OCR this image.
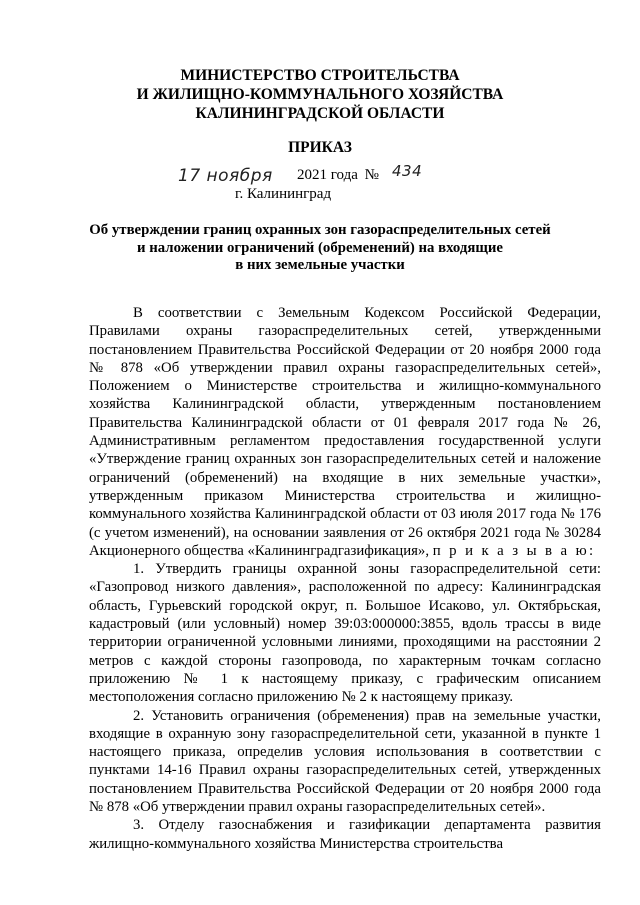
МИНИСТЕРСТВО СТРОИТЕЛЬСТВА
И ЖИЛИЩНО-КОММУНАЛЬНОГО ХОЗЯЙСТВА
КАЛИНИНГРАДСКОЙ ОБЛАСТИ
ПРИКАЗ
17 ноября 2021 года № 434
г. Калининград
Об утверждении границ охранных зон газораспределительных сетей
и наложении ограничений (обременений) на входящие
в них земельные участки

В соответствии с Земельным Кодексом Российской Федерации, Правилами охраны газораспределительных сетей, утвержденными постановлением Правительства Российской Федерации от 20 ноября 2000 года № 878 «Об утверждении правил охраны газораспределительных сетей», Положением о Министерстве строительства и жилищно-коммунального хозяйства Калининградской области, утвержденным постановлением Правительства Калининградской области от 01 февраля 2017 года № 26, Административным регламентом предоставления государственной услуги «Утверждение границ охранных зон газораспределительных сетей и наложение ограничений (обременений) на входящие в них земельные участки», утвержденным приказом Министерства строительства и жилищно-коммунального хозяйства Калининградской области от 03 июля 2017 года № 176 (с учетом изменений), на основании заявления от 26 октября 2021 года № 30284 Акционерного общества «Калининградгазификация», п р и к а з ы в а ю:

1. Утвердить границы охранной зоны газораспределительной сети: «Газопровод низкого давления», расположенной по адресу: Калининградская область, Гурьевский городской округ, п. Большое Исаково, ул. Октябрьская, кадастровый (или условный) номер 39:03:000000:3855, вдоль трассы в виде территории ограниченной условными линиями, проходящими на расстоянии 2 метров с каждой стороны газопровода, по характерным точкам согласно приложению № 1 к настоящему приказу, с графическим описанием местоположения согласно приложению № 2 к настоящему приказу.

2. Установить ограничения (обременения) прав на земельные участки, входящие в охранную зону газораспределительной сети, указанной в пункте 1 настоящего приказа, определив условия использования в соответствии с пунктами 14-16 Правил охраны газораспределительных сетей, утвержденных постановлением Правительства Российской Федерации от 20 ноября 2000 года № 878 «Об утверждении правил охраны газораспределительных сетей».

3. Отделу газоснабжения и газификации департамента развития жилищно-коммунального хозяйства Министерства строительства
